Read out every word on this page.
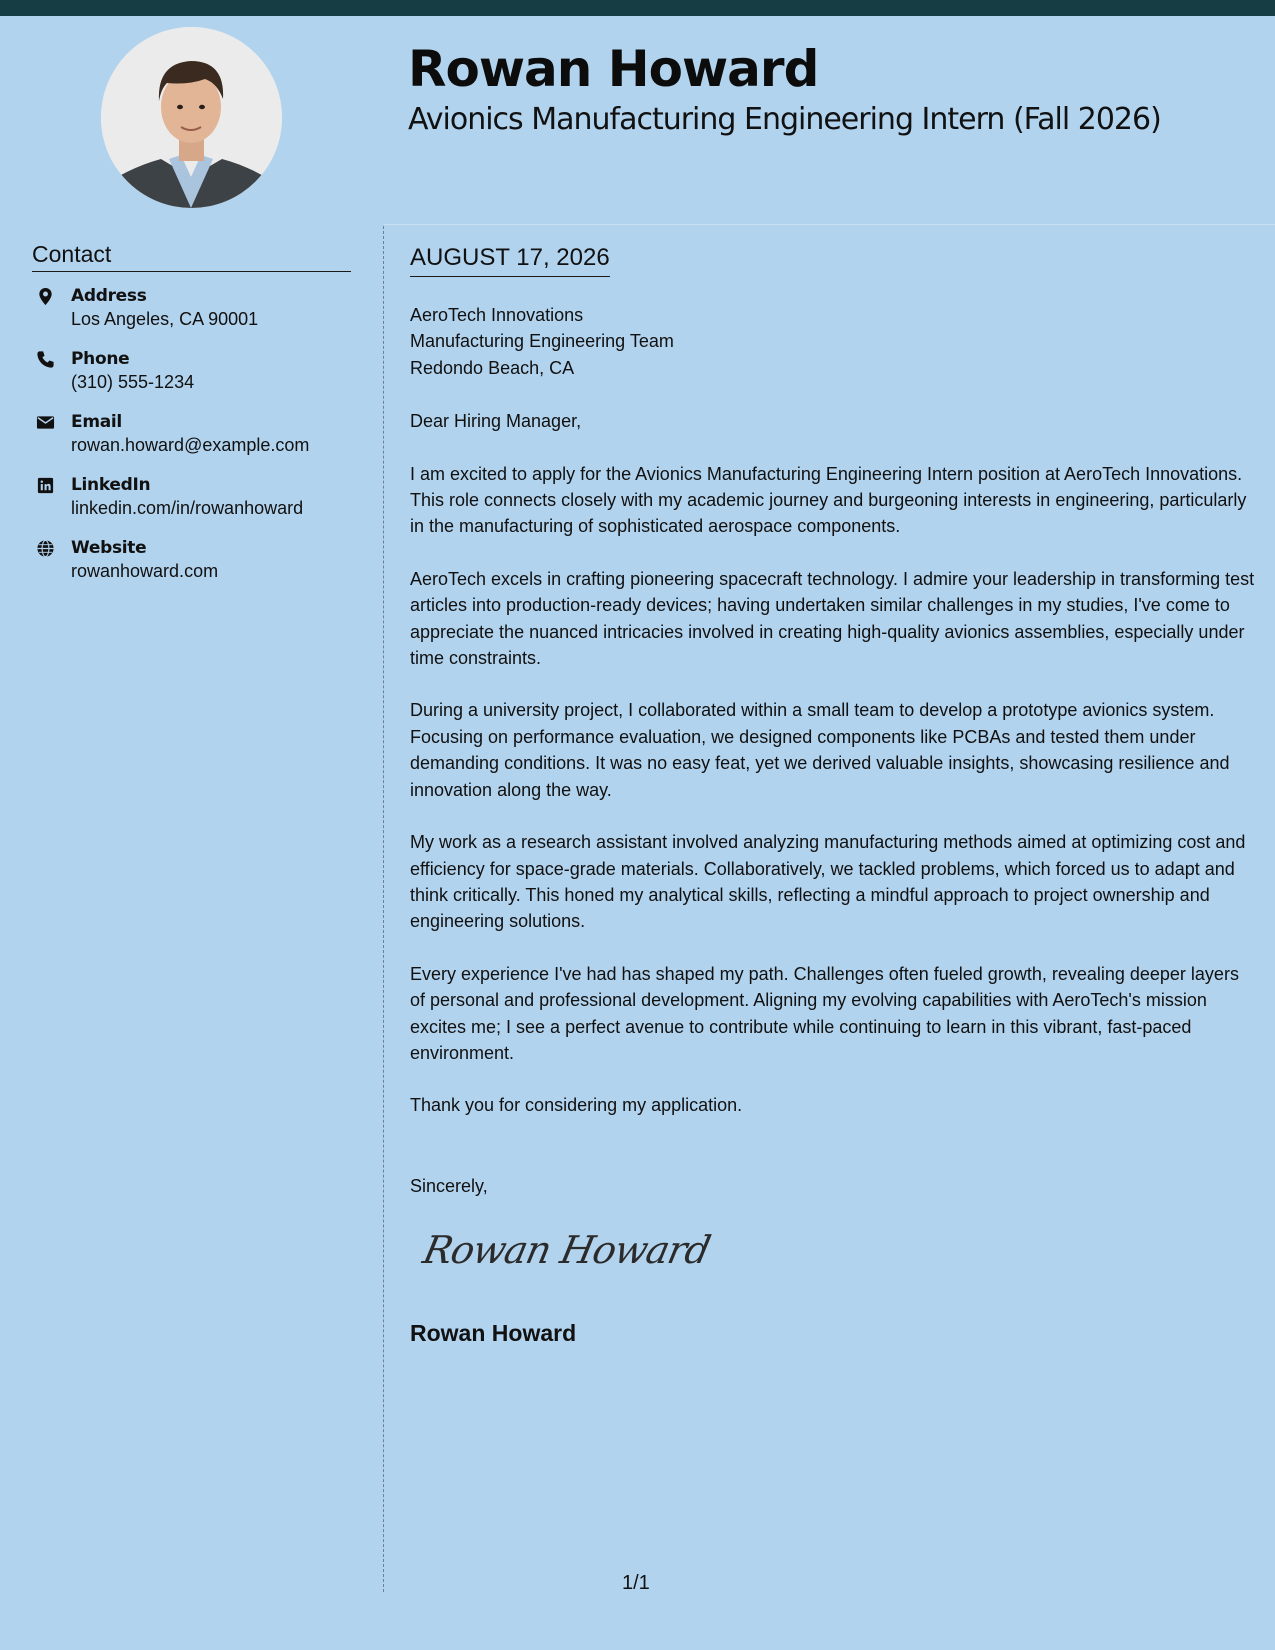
Rowan Howard
Avionics Manufacturing Engineering Intern (Fall 2026)
Contact
Address
Los Angeles, CA 90001
Phone
(310) 555-1234
Email
rowan.howard@example.com
LinkedIn
linkedin.com/in/rowanhoward
Website
rowanhoward.com
AUGUST 17, 2026
AeroTech Innovations
Manufacturing Engineering Team
Redondo Beach, CA

Dear Hiring Manager,

I am excited to apply for the Avionics Manufacturing Engineering Intern position at AeroTech Innovations. This role connects closely with my academic journey and burgeoning interests in engineering, particularly in the manufacturing of sophisticated aerospace components.

AeroTech excels in crafting pioneering spacecraft technology. I admire your leadership in transforming test articles into production-ready devices; having undertaken similar challenges in my studies, I've come to appreciate the nuanced intricacies involved in creating high-quality avionics assemblies, especially under time constraints.

During a university project, I collaborated within a small team to develop a prototype avionics system. Focusing on performance evaluation, we designed components like PCBAs and tested them under demanding conditions. It was no easy feat, yet we derived valuable insights, showcasing resilience and innovation along the way.

My work as a research assistant involved analyzing manufacturing methods aimed at optimizing cost and efficiency for space-grade materials. Collaboratively, we tackled problems, which forced us to adapt and think critically. This honed my analytical skills, reflecting a mindful approach to project ownership and engineering solutions.

Every experience I've had has shaped my path. Challenges often fueled growth, revealing deeper layers of personal and professional development. Aligning my evolving capabilities with AeroTech's mission excites me; I see a perfect avenue to contribute while continuing to learn in this vibrant, fast-paced environment.

Thank you for considering my application.

Sincerely,

Rowan Howard
Rowan Howard
1/1
